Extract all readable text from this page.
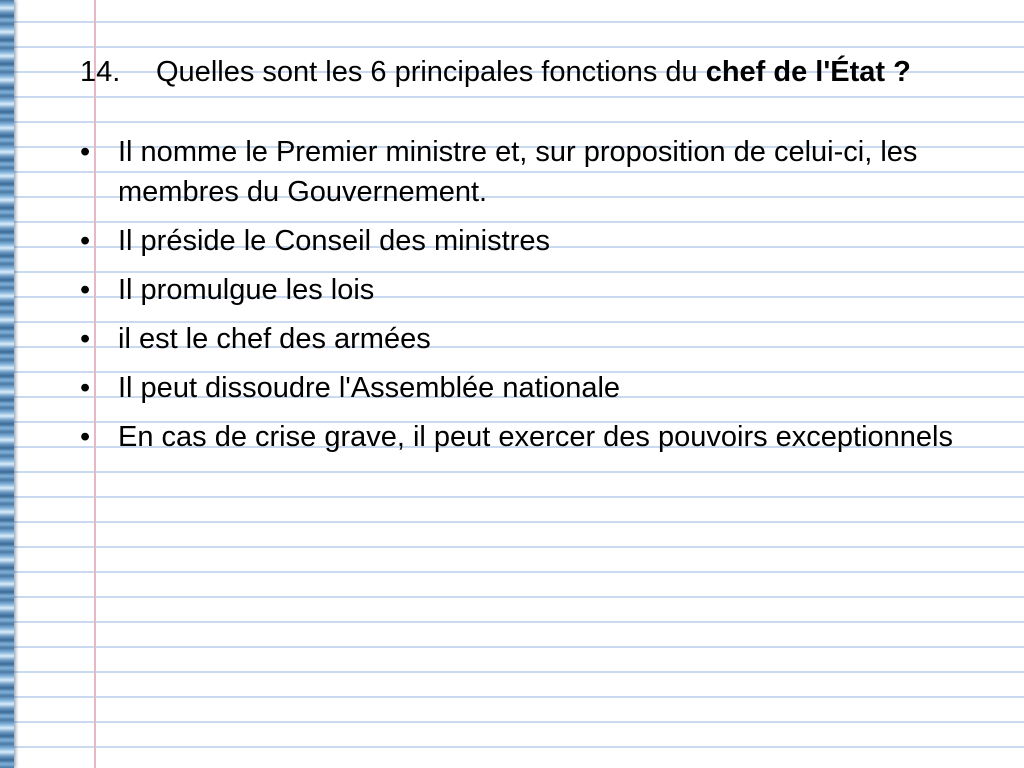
14. Quelles sont les 6 principales fonctions du chef de l'État ?
• Il nomme le Premier ministre et, sur proposition de celui-ci, les membres du Gouvernement.
• Il préside le Conseil des ministres
• Il promulgue les lois
• il est le chef des armées
• Il peut dissoudre l'Assemblée nationale
• En cas de crise grave, il peut exercer des pouvoirs exceptionnels
